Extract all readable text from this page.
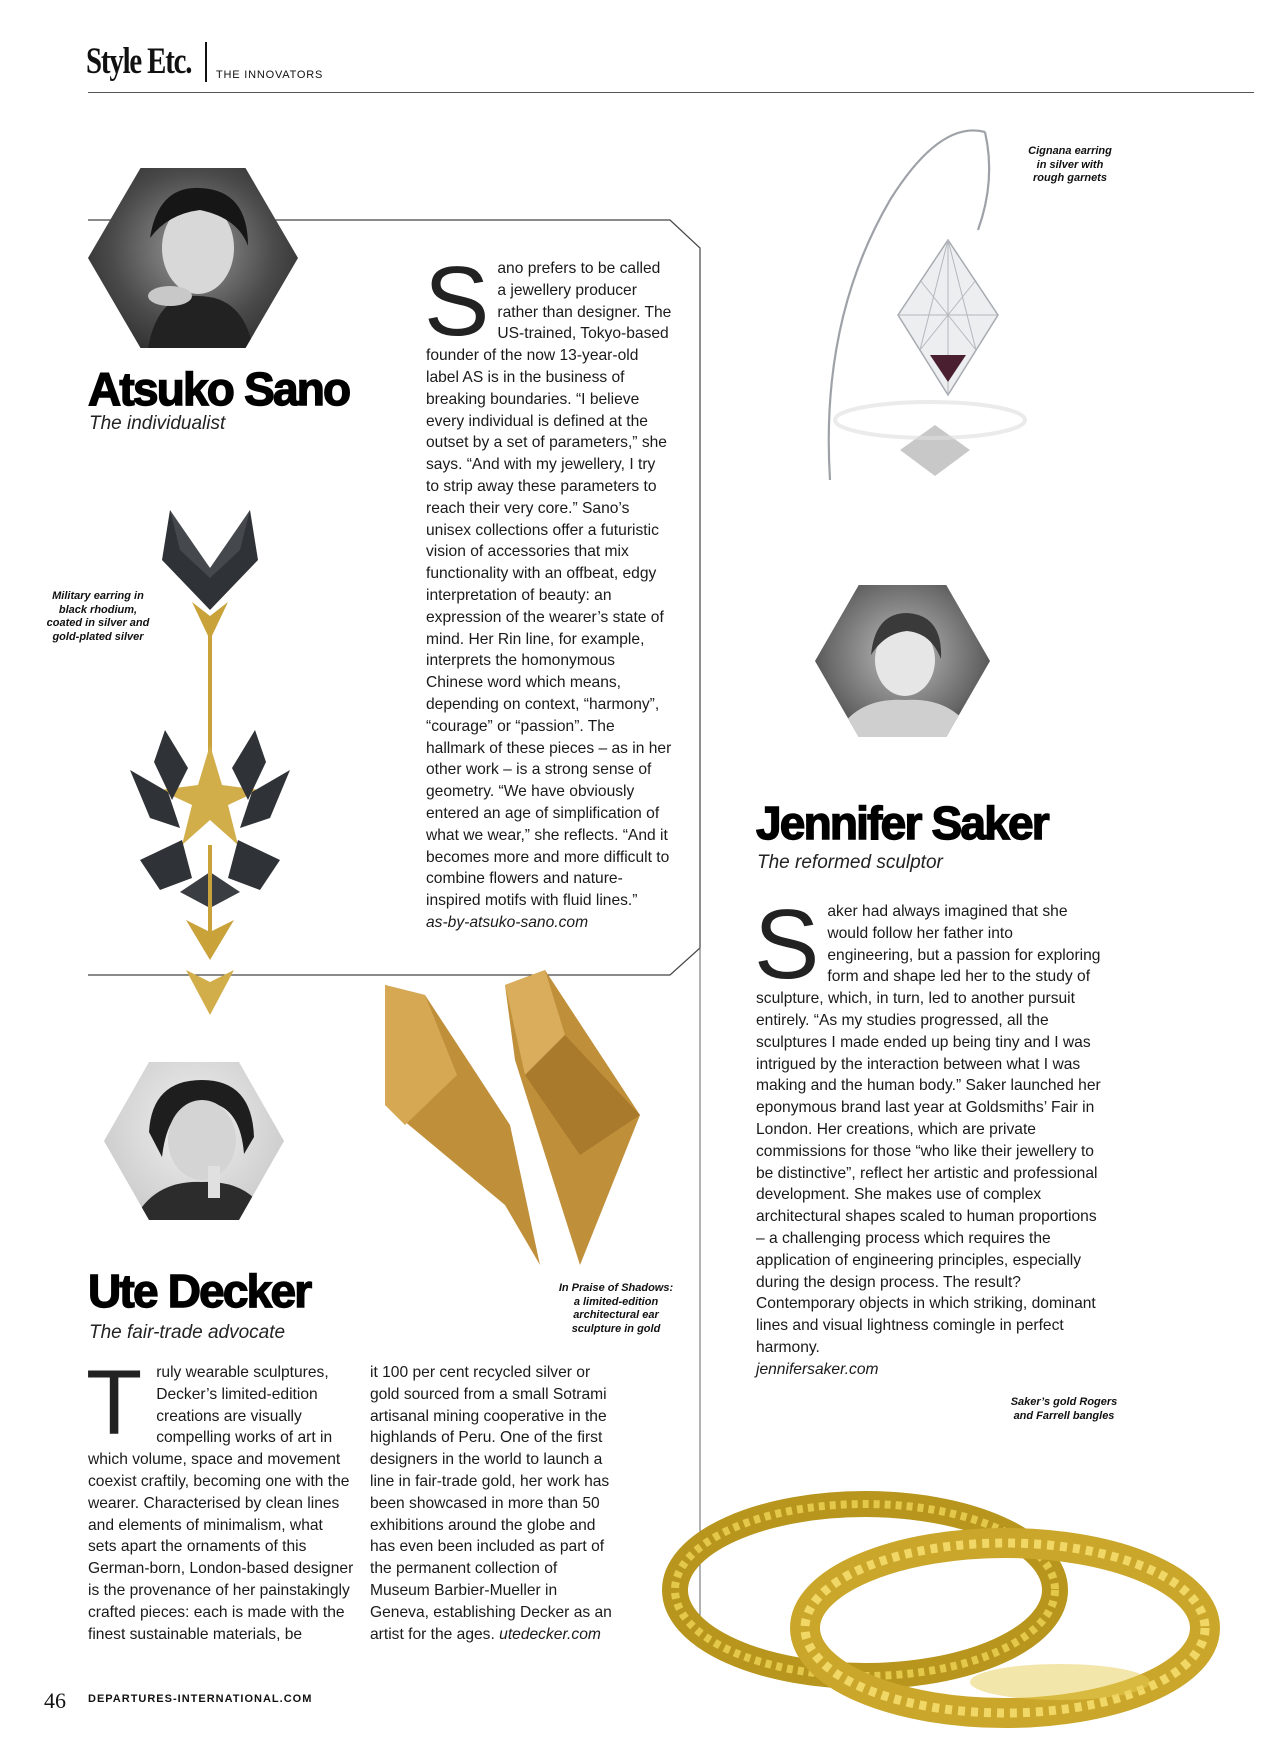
Style Etc. THE INNOVATORS
Atsuko Sano
The individualist
S ano prefers to be called a jewellery producer rather than designer. The US-trained, Tokyo-based founder of the now 13-year-old label AS is in the business of breaking boundaries. “I believe every individual is defined at the outset by a set of parameters,” she says. “And with my jewellery, I try to strip away these parameters to reach their very core.” Sano’s unisex collections offer a futuristic vision of accessories that mix functionality with an offbeat, edgy interpretation of beauty: an expression of the wearer’s state of mind. Her Rin line, for example, interprets the homonymous Chinese word which means, depending on context, “harmony”, “courage” or “passion”. The hallmark of these pieces – as in her other work – is a strong sense of geometry. “We have obviously entered an age of simplification of what we wear,” she reflects. “And it becomes more and more difficult to combine flowers and nature-inspired motifs with fluid lines.”
as-by-atsuko-sano.com
Military earring in black rhodium, coated in silver and gold-plated silver
Cignana earring in silver with rough garnets
Jennifer Saker
The reformed sculptor
S aker had always imagined that she would follow her father into engineering, but a passion for exploring form and shape led her to the study of sculpture, which, in turn, led to another pursuit entirely. “As my studies progressed, all the sculptures I made ended up being tiny and I was intrigued by the interaction between what I was making and the human body.” Saker launched her eponymous brand last year at Goldsmiths’ Fair in London. Her creations, which are private commissions for those “who like their jewellery to be distinctive”, reflect her artistic and professional development. She makes use of complex architectural shapes scaled to human proportions – a challenging process which requires the application of engineering principles, especially during the design process. The result? Contemporary objects in which striking, dominant lines and visual lightness comingle in perfect harmony.
jennifersaker.com
Saker’s gold Rogers and Farrell bangles
Ute Decker
The fair-trade advocate
In Praise of Shadows: a limited-edition architectural ear sculpture in gold
T ruly wearable sculptures, Decker’s limited-edition creations are visually compelling works of art in which volume, space and movement coexist craftily, becoming one with the wearer. Characterised by clean lines and elements of minimalism, what sets apart the ornaments of this German-born, London-based designer is the provenance of her painstakingly crafted pieces: each is made with the finest sustainable materials, be
it 100 per cent recycled silver or gold sourced from a small Sotrami artisanal mining cooperative in the highlands of Peru. One of the first designers in the world to launch a line in fair-trade gold, her work has been showcased in more than 50 exhibitions around the globe and has even been included as part of the permanent collection of Museum Barbier-Mueller in Geneva, establishing Decker as an artist for the ages. utedecker.com
46 DEPARTURES-INTERNATIONAL.COM
